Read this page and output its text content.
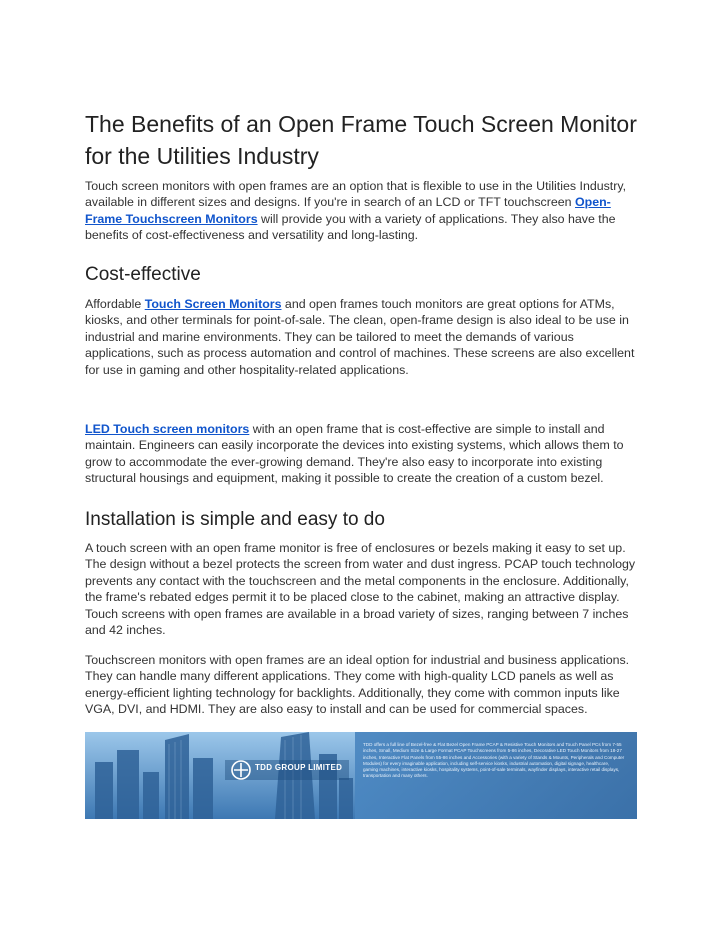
The Benefits of an Open Frame Touch Screen Monitor for the Utilities Industry

Touch screen monitors with open frames are an option that is flexible to use in the Utilities Industry, available in different sizes and designs. If you're in search of an LCD or TFT touchscreen Open-Frame Touchscreen Monitors will provide you with a variety of applications. They also have the benefits of cost-effectiveness and versatility and long-lasting.

Cost-effective

Affordable Touch Screen Monitors and open frames touch monitors are great options for ATMs, kiosks, and other terminals for point-of-sale. The clean, open-frame design is also ideal to be use in industrial and marine environments. They can be tailored to meet the demands of various applications, such as process automation and control of machines. These screens are also excellent for use in gaming and other hospitality-related applications.

LED Touch screen monitors with an open frame that is cost-effective are simple to install and maintain. Engineers can easily incorporate the devices into existing systems, which allows them to grow to accommodate the ever-growing demand. They're also easy to incorporate into existing structural housings and equipment, making it possible to create the creation of a custom bezel.

Installation is simple and easy to do

A touch screen with an open frame monitor is free of enclosures or bezels making it easy to set up. The design without a bezel protects the screen from water and dust ingress. PCAP touch technology prevents any contact with the touchscreen and the metal components in the enclosure. Additionally, the frame's rebated edges permit it to be placed close to the cabinet, making an attractive display. Touch screens with open frames are available in a broad variety of sizes, ranging between 7 inches and 42 inches.

Touchscreen monitors with open frames are an ideal option for industrial and business applications. They can handle many different applications. They come with high-quality LCD panels as well as energy-efficient lighting technology for backlights. Additionally, they come with common inputs like VGA, DVI, and HDMI. They are also easy to install and can be used for commercial spaces.

TDD GROUP LIMITED
TDD offers a full line of Bezel-free & Flat Bezel Open Frame PCAP & Resistive Touch Monitors and Touch Panel PCs from 7-55 inches, Small, Medium Size & Large Format PCAP Touchscreens from 5-86 inches, Decorative LED Touch Monitors from 18-27 inches, Interactive Flat Panels from 55-86 inches and Accessories (with a variety of Stands & Mounts, Peripherals and Computer Modules) for every imaginable application, including self-service kiosks, industrial automation, digital signage, healthcare, gaming machines, interactive kiosks, hospitality systems, point-of-sale terminals, wayfinder displays, interactive retail displays, transportation and many others.
